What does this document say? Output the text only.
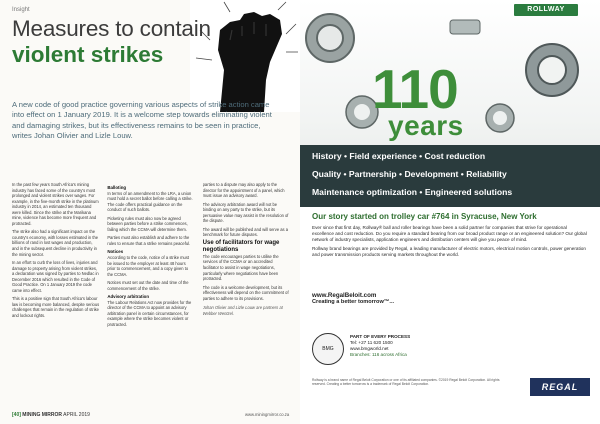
Insight
Measures to contain
violent strikes
A new code of good practice governing various aspects of strike action came into effect on 1 January 2019. It is a welcome step towards eliminating violent and damaging strikes, but its effectiveness remains to be seen in practice, writes Johan Olivier and Lizle Louw.

In the past few years South Africa's mining industry has faced some of the country's most prolonged and violent strikes over wages. For example, in the five-month strike in the platinum industry in 2014, an estimated ten thousand were killed. Since the strike at the Marikana mine, violence has become more frequent and protracted.

The strike also had a significant impact on the country's economy, with losses estimated in the billions of rand in lost wages and production, and in the subsequent decline in productivity in the mining sector.

In an effort to curb the loss of lives, injuries and damage to property arising from violent strikes, a declaration was signed by parties to Nedlac in December 2016 which resulted in the Code of Good Practice. On 1 January 2019 the code came into effect.

This is a positive sign that South Africa's labour law is becoming more balanced, despite serious challenges that remain in the regulation of strike and lockout rights.

Balloting

In terms of an amendment to the LRA, a union must hold a secret ballot before calling a strike. The code offers practical guidance on the conduct of such ballots.

Picketing rules must also now be agreed between parties before a strike commences, failing which the CCMA will determine them.

Parties must also establish and adhere to the rules to ensure that a strike remains peaceful.

Notices

According to the code, notice of a strike must be issued to the employer at least 48 hours prior to commencement, and a copy given to the CCMA.

Notices must set out the date and time of the commencement of the strike.

Advisory arbitration

The Labour Relations Act now provides for the director of the CCMA to appoint an advisory arbitration panel in certain circumstances, for example where the strike becomes violent or protracted.

parties to a dispute may also apply to the director for the appointment of a panel, which must issue an advisory award.

The advisory arbitration award will not be binding on any party to the strike, but its persuasive value may assist in the resolution of the dispute.

The award will be published and will serve as a benchmark for future disputes.

Use of facilitators for wage negotiations

The code encourages parties to utilise the services of the CCMA or an accredited facilitator to assist in wage negotiations, particularly where negotiations have been protracted.

The code is a welcome development, but its effectiveness will depend on the commitment of parties to adhere to its provisions.

Johan Olivier and Lizle Louw are partners at Webber Wentzel.

[40] MINING MIRROR APRIL 2019	www.miningmirror.co.za
ROLLWAY
110
years
History • Field experience • Cost reduction
Quality • Partnership • Development • Reliability
Maintenance optimization • Engineered solutions
Our story started on trolley car #764 in Syracuse, New York

Ever since that first day, Rollway® ball and roller bearings have been a solid partner for companies that strive for operational excellence and cost reduction. Do you require a standard bearing from our broad product range or an engineered solution? Our global network of industry specialists, application engineers and distribution centers will give you peace of mind.

Rollway brand bearings are provided by Regal, a leading manufacturer of electric motors, electrical motion controls, power generation and power transmission products serving markets throughout the world.

www.RegalBeloit.com
Creating a better tomorrow™...
BMG
PART OF EVERY PROCESS
Tel: +27 11 620 1500
www.bmgworld.net
Branches: 116 across Africa
Rollway is a brand name of Regal Beloit Corporation or one of its affiliated companies. ©2019 Regal Beloit Corporation. All rights reserved. Creating a better tomorrow is a trademark of Regal Beloit Corporation.	REGAL
